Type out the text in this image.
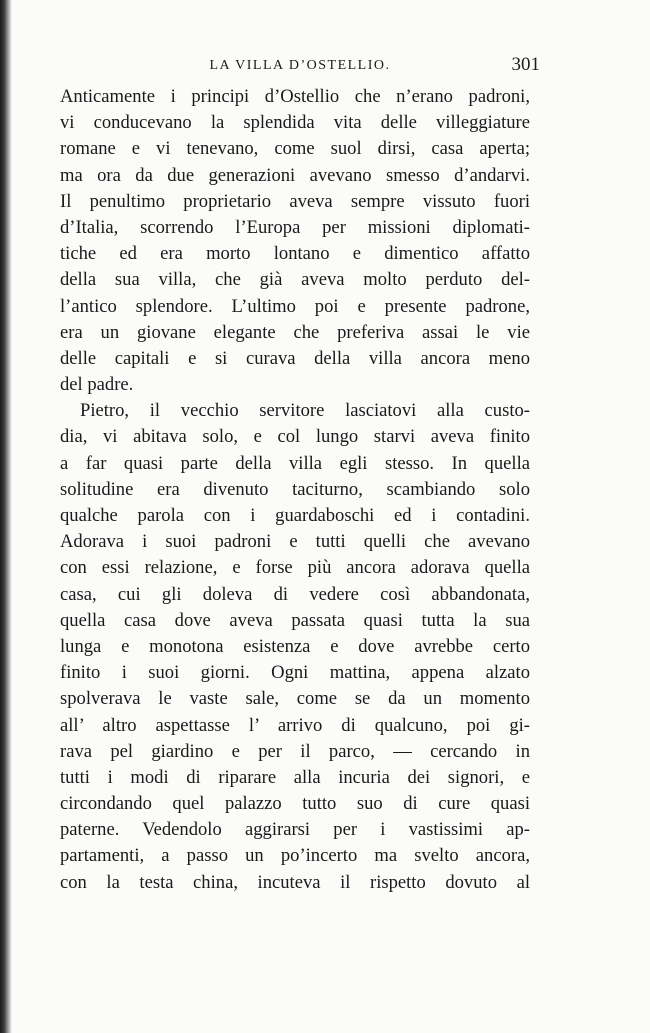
LA VILLA D’OSTELLIO.	301
Anticamente i principi d’Ostellio che n’erano padroni,
vi conducevano la splendida vita delle villeggiature
romane e vi tenevano, come suol dirsi, casa aperta;
ma ora da due generazioni avevano smesso d’andarvi.
Il penultimo proprietario aveva sempre vissuto fuori
d’Italia, scorrendo l’Europa per missioni diplomati-
tiche ed era morto lontano e dimentico affatto
della sua villa, che già aveva molto perduto del-
l’antico splendore. L’ultimo poi e presente padrone,
era un giovane elegante che preferiva assai le vie
delle capitali e si curava della villa ancora meno
del padre.
Pietro, il vecchio servitore lasciatovi alla custo-
dia, vi abitava solo, e col lungo starvi aveva finito
a far quasi parte della villa egli stesso. In quella
solitudine era divenuto taciturno, scambiando solo
qualche parola con i guardaboschi ed i contadini.
Adorava i suoi padroni e tutti quelli che avevano
con essi relazione, e forse più ancora adorava quella
casa, cui gli doleva di vedere così abbandonata,
quella casa dove aveva passata quasi tutta la sua
lunga e monotona esistenza e dove avrebbe certo
finito i suoi giorni. Ogni mattina, appena alzato
spolverava le vaste sale, come se da un momento
all’ altro aspettasse l’ arrivo di qualcuno, poi gi-
rava pel giardino e per il parco, — cercando in
tutti i modi di riparare alla incuria dei signori, e
circondando quel palazzo tutto suo di cure quasi
paterne. Vedendolo aggirarsi per i vastissimi ap-
partamenti, a passo un po’incerto ma svelto ancora,
con la testa china, incuteva il rispetto dovuto al
